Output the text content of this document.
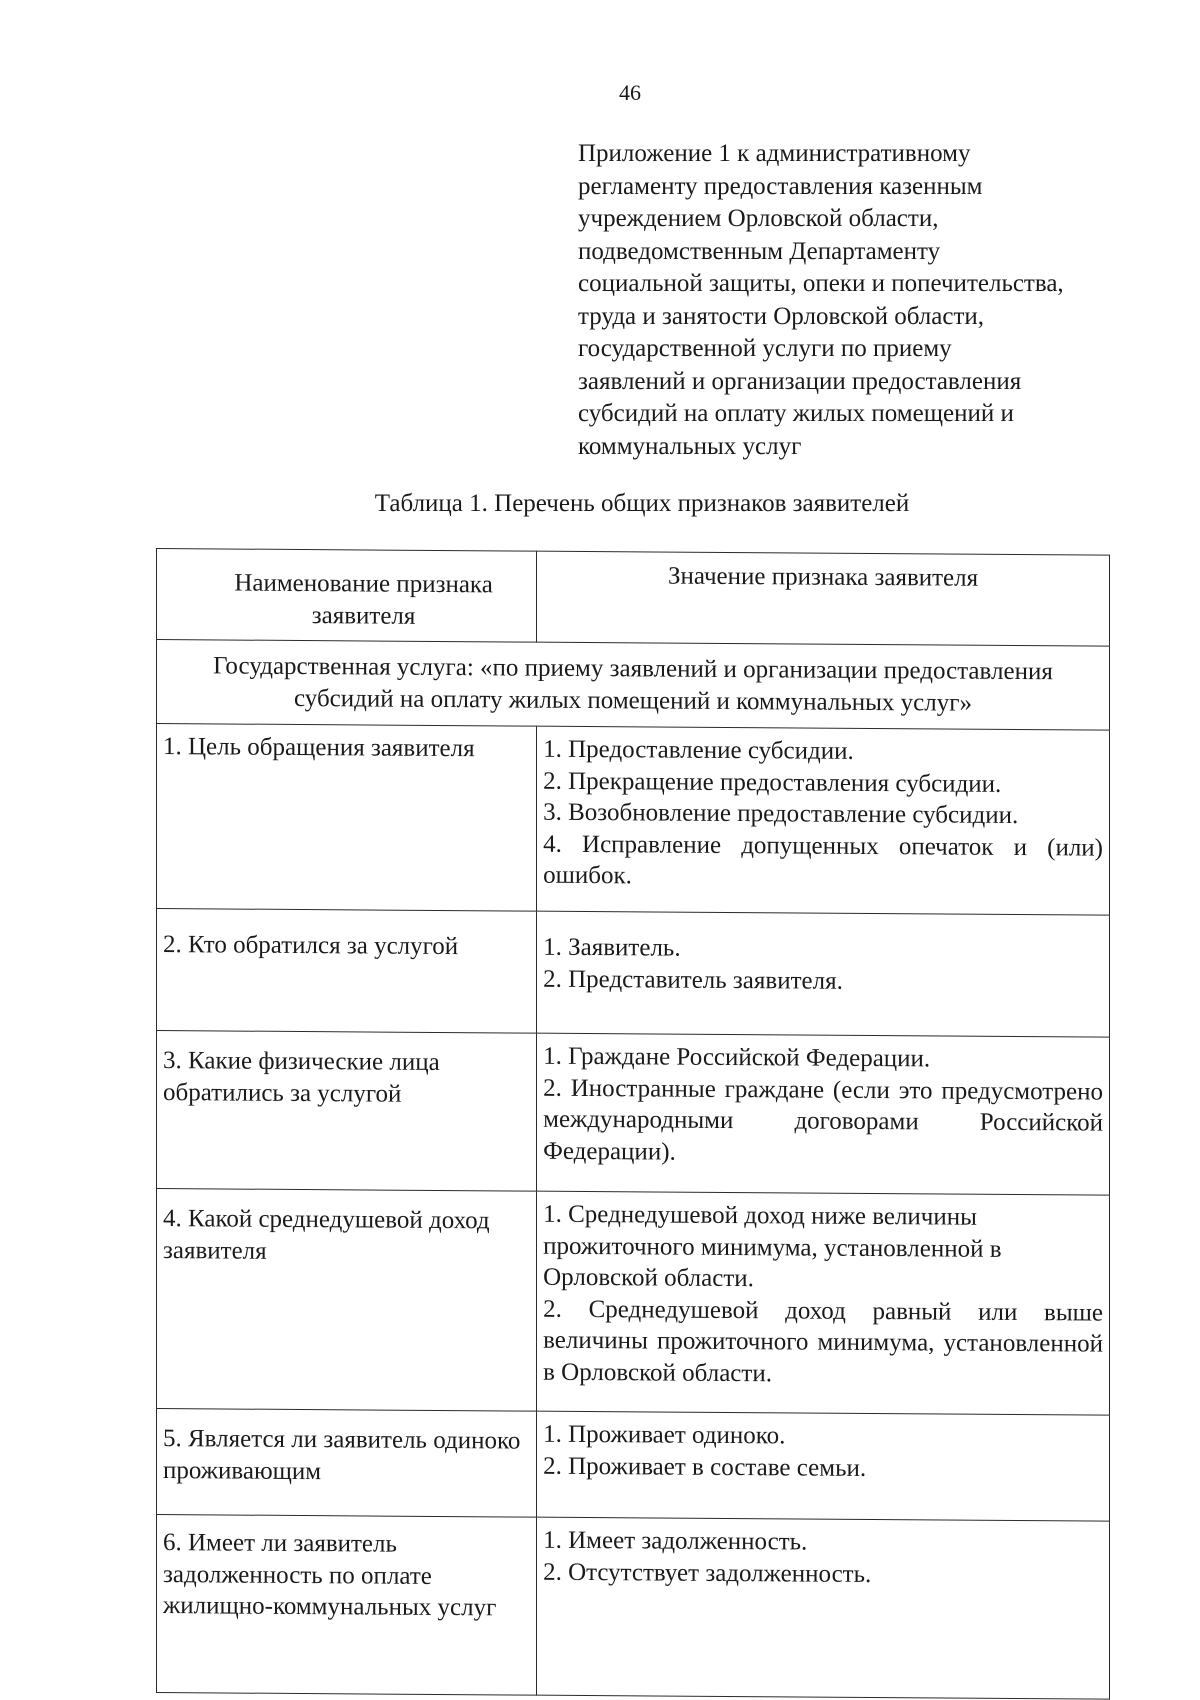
46
Приложение 1 к административному
регламенту предоставления казенным
учреждением Орловской области,
подведомственным Департаменту
социальной защиты, опеки и попечительства,
труда и занятости Орловской области,
государственной услуги по приему
заявлений и организации предоставления
субсидий на оплату жилых помещений и
коммунальных услуг
Таблица 1. Перечень общих признаков заявителей
Наименование признака заявителя	Значение признака заявителя
Государственная услуга: «по приему заявлений и организации предоставления субсидий на оплату жилых помещений и коммунальных услуг»	
1. Цель обращения заявителя	1. Предоставление субсидии.
2. Прекращение предоставления субсидии.
3. Возобновление предоставление субсидии.
4. Исправление допущенных опечаток и (или) ошибок.

2. Кто обратился за услугой	1. Заявитель.
2. Представитель заявителя.

3. Какие физические лица обратились за услугой	1. Граждане Российской Федерации.
2. Иностранные граждане (если это предусмотрено международными договорами Российской Федерации).

4. Какой среднедушевой доход заявителя	1. Среднедушевой доход ниже величины прожиточного минимума, установленной в Орловской области.
2. Среднедушевой доход равный или выше величины прожиточного минимума, установленной в Орловской области.

5. Является ли заявитель одиноко проживающим	1. Проживает одиноко.
2. Проживает в составе семьи.

6. Имеет ли заявитель задолженность по оплате жилищно-коммунальных услуг	1. Имеет задолженность.
2. Отсутствует задолженность.
